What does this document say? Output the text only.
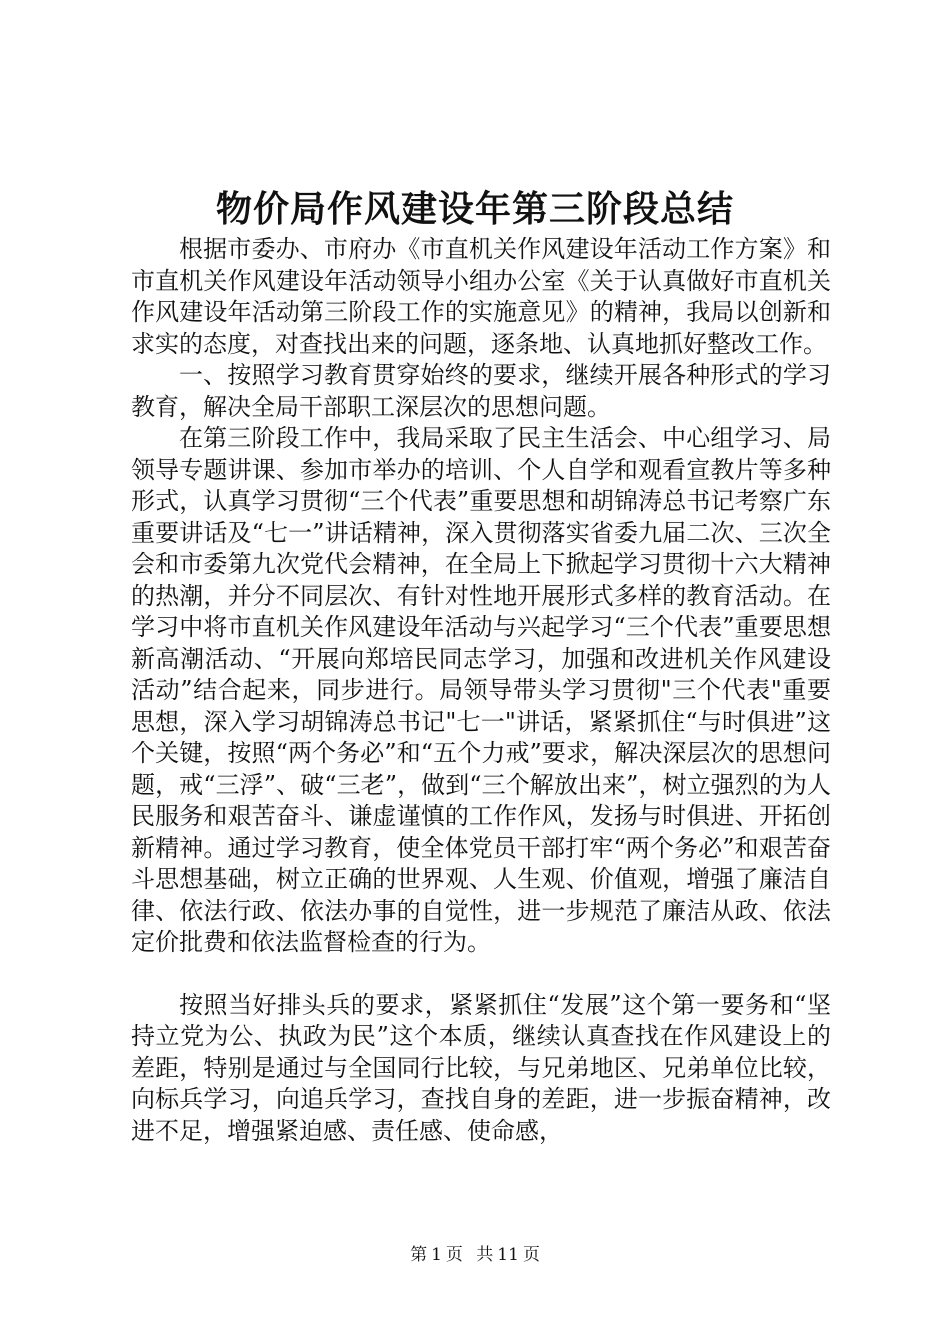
物价局作风建设年第三阶段总结

根据市委办、市府办《市直机关作风建设年活动工作方案》和市直机关作风建设年活动领导小组办公室《关于认真做好市直机关作风建设年活动第三阶段工作的实施意见》的精神，我局以创新和求实的态度，对查找出来的问题，逐条地、认真地抓好整改工作。

一、按照学习教育贯穿始终的要求，继续开展各种形式的学习教育，解决全局干部职工深层次的思想问题。

在第三阶段工作中，我局采取了民主生活会、中心组学习、局领导专题讲课、参加市举办的培训、个人自学和观看宣教片等多种形式，认真学习贯彻“三个代表”重要思想和胡锦涛总书记考察广东重要讲话及“七一”讲话精神，深入贯彻落实省委九届二次、三次全会和市委第九次党代会精神，在全局上下掀起学习贯彻十六大精神的热潮，并分不同层次、有针对性地开展形式多样的教育活动。在学习中将市直机关作风建设年活动与兴起学习“三个代表”重要思想新高潮活动、“开展向郑培民同志学习，加强和改进机关作风建设活动”结合起来，同步进行。局领导带头学习贯彻"三个代表"重要思想，深入学习胡锦涛总书记"七一"讲话，紧紧抓住“与时俱进”这个关键，按照“两个务必”和“五个力戒”要求，解决深层次的思想问题，戒“三浮”、破“三老”，做到“三个解放出来”，树立强烈的为人民服务和艰苦奋斗、谦虚谨慎的工作作风，发扬与时俱进、开拓创新精神。通过学习教育，使全体党员干部打牢“两个务必”和艰苦奋斗思想基础，树立正确的世界观、人生观、价值观，增强了廉洁自律、依法行政、依法办事的自觉性，进一步规范了廉洁从政、依法定价批费和依法监督检查的行为。

按照当好排头兵的要求，紧紧抓住“发展”这个第一要务和“坚持立党为公、执政为民”这个本质，继续认真查找在作风建设上的差距，特别是通过与全国同行比较，与兄弟地区、兄弟单位比较，向标兵学习，向追兵学习，查找自身的差距，进一步振奋精神，改进不足，增强紧迫感、责任感、使命感，

第 1 页 共 11 页
